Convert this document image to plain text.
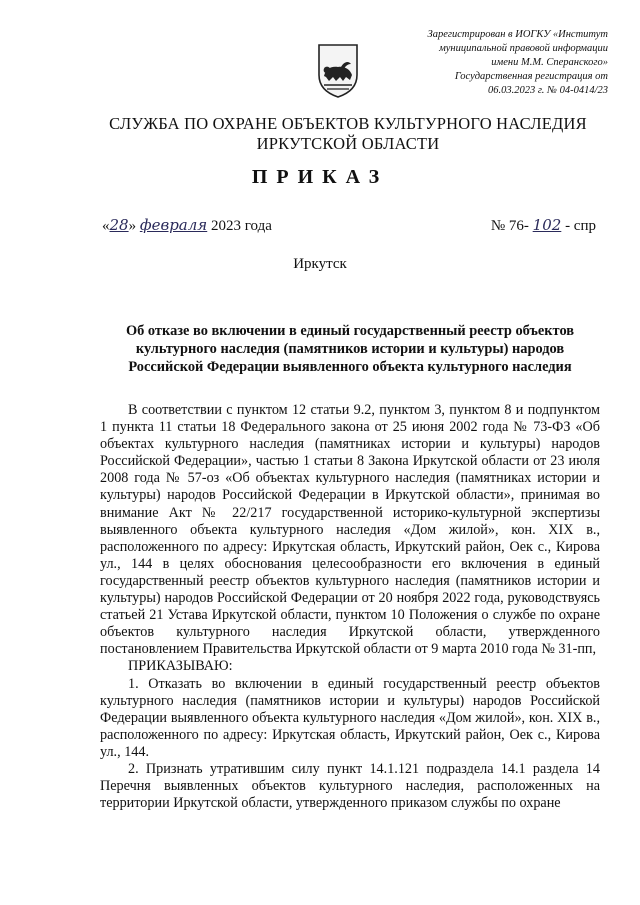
Зарегистрирован в ИОГКУ «Институт
муниципальной правовой информации
имени М.М. Сперанского»
Государственная регистрация от
06.03.2023 г. № 04-0414/23
СЛУЖБА ПО ОХРАНЕ ОБЪЕКТОВ КУЛЬТУРНОГО НАСЛЕДИЯ
ИРКУТСКОЙ ОБЛАСТИ
ПРИКАЗ
«28» февраля 2023 года	№ 76- 102 - спр
Иркутск
Об отказе во включении в единый государственный реестр объектов культурного наследия (памятников истории и культуры) народов Российской Федерации выявленного объекта культурного наследия

В соответствии с пунктом 12 статьи 9.2, пунктом 3, пунктом 8 и подпунктом 1 пункта 11 статьи 18 Федерального закона от 25 июня 2002 года № 73-ФЗ «Об объектах культурного наследия (памятниках истории и культуры) народов Российской Федерации», частью 1 статьи 8 Закона Иркутской области от 23 июля 2008 года № 57-оз «Об объектах культурного наследия (памятниках истории и культуры) народов Российской Федерации в Иркутской области», принимая во внимание Акт № 22/217 государственной историко-культурной экспертизы выявленного объекта культурного наследия «Дом жилой», кон. XIX в., расположенного по адресу: Иркутская область, Иркутский район, Оек с., Кирова ул., 144 в целях обоснования целесообразности его включения в единый государственный реестр объектов культурного наследия (памятников истории и культуры) народов Российской Федерации от 20 ноября 2022 года, руководствуясь статьей 21 Устава Иркутской области, пунктом 10 Положения о службе по охране объектов культурного наследия Иркутской области, утвержденного постановлением Правительства Иркутской области от 9 марта 2010 года № 31-пп,

ПРИКАЗЫВАЮ:

1. Отказать во включении в единый государственный реестр объектов культурного наследия (памятников истории и культуры) народов Российской Федерации выявленного объекта культурного наследия «Дом жилой», кон. XIX в., расположенного по адресу: Иркутская область, Иркутский район, Оек с., Кирова ул., 144.

2. Признать утратившим силу пункт 14.1.121 подраздела 14.1 раздела 14 Перечня выявленных объектов культурного наследия, расположенных на территории Иркутской области, утвержденного приказом службы по охране
